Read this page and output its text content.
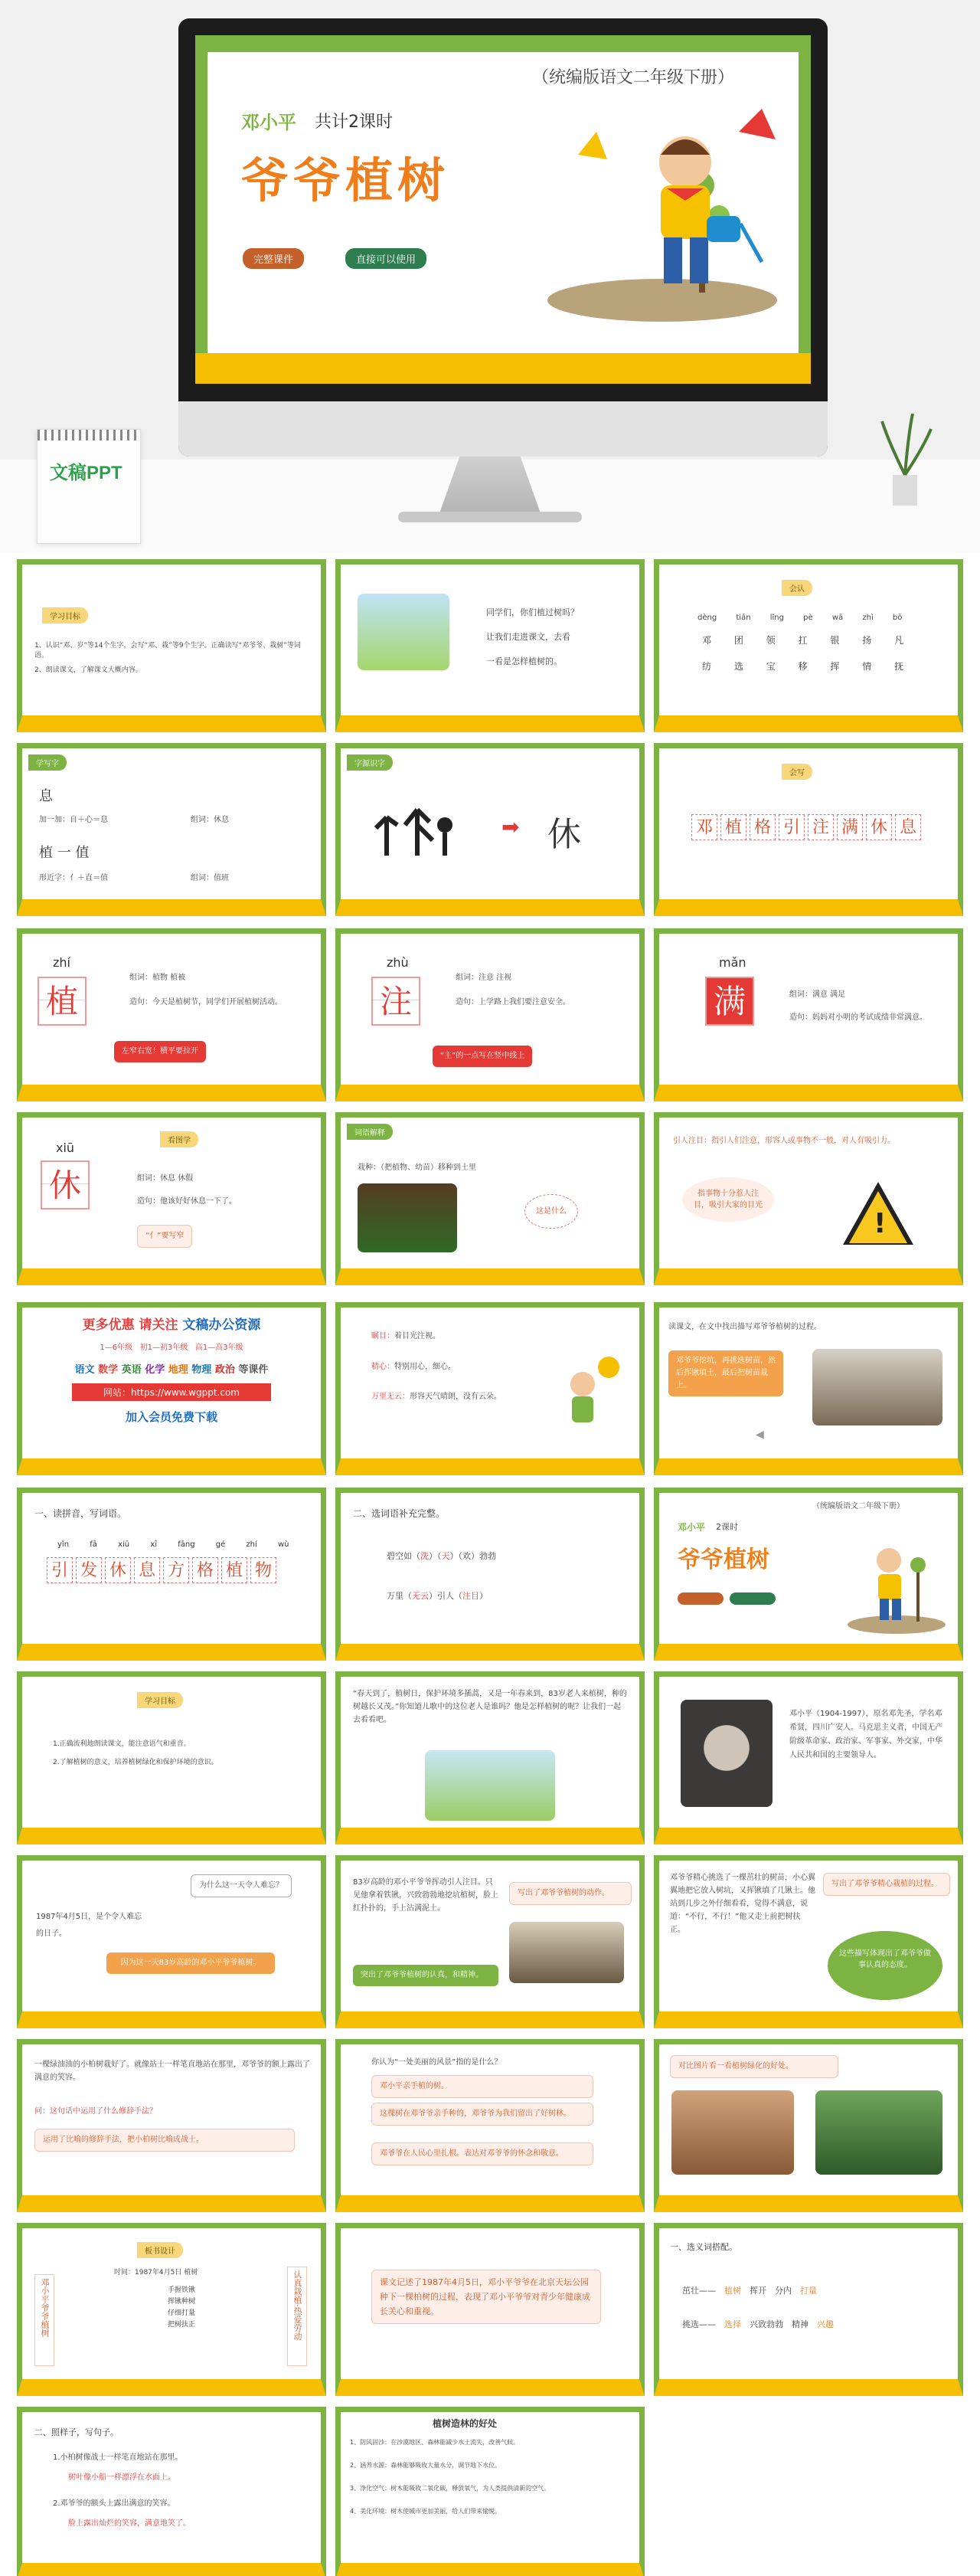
（统编版语文二年级下册）
邓小平 共计2课时
爷爷植树
完整课件	直接可以使用
文稿PPT
学习目标
1、认识“邓、岁”等14个生字，会写“邓、栽”等9个生字。正确读写“邓爷爷、栽树”等词语。
2、朗读课文，了解课文大概内容。
同学们，你们植过树吗？
让我们走进课文，去看
一看是怎样植树的。
会认
dèng	tián	lǐng	pè	wā	zhì	bō
邓 团 领 扛 银 扬 凡
纺 选 宝 移 挥 情 抚
学写字
息
加一加：自＋心＝息	组词：休息
植 一 值
形近字：亻＋直＝值	组词：值班
字源识字
➡ 休
会写
邓 植 格 引 注 满 休 息
zhí
植
组词：植物 植被
造句：今天是植树节，同学们开展植树活动。
左窄右宽！横平要拉开
zhù
注
组词：注意 注视
造句：上学路上我们要注意安全。
“主”的一点写在竖中线上
mǎn
满	组词：满意 满足
造句：妈妈对小明的考试成绩非常满意。
看图学
xiū
休	组词：休息 休假
造句：他该好好休息一下了。
“亻”要写窄
词语解释
栽种：（把植物、幼苗）移种到土里
这是什么
引人注目：指引人们注意，形容人或事物不一般，对人有吸引力。
指事物十分惹人注目，吸引大家的目光
!
更多优惠 请关注 文稿办公资源
1—6年级 初1—初3年级 高1—高3年级
语文 数学 英语 化学 地理 物理 政治 等课件
网站：https://www.wgppt.com
加入会员免费下载
瞩目：着目光注视。
精心：特别用心，细心。
万里无云：形容天气晴朗，没有云朵。
读课文，在文中找出描写邓爷爷植树的过程。
邓爷爷挖坑，再挑选树苗，然后挥锹填土，最后把树苗栽上。
◀
一、读拼音，写词语。
yǐn	fā	xiū	xī	fāng	gé	zhí	wù
引 发 休 息 方 格 植 物
二、选词语补充完整。
碧空如（洗）（天）（欢）勃勃
万里（无云）引人（注目）
（统编版语文二年级下册）
邓小平 2课时
爷爷植树
学习目标
1.正确流利地朗读课文，能注意语气和重音。
2.了解植树的意义，培养植树绿化和保护环境的意识。
“春天到了，植树日，保护环境多插蒿，又是一年春来到，83岁老人来植树，种的树越长又茂。”你知道儿歌中的这位老人是谁吗？他是怎样植树的呢？让我们一起去看看吧。
邓小平（1904-1997），原名邓先圣，学名邓希贤，四川广安人。马克思主义者，中国无产阶级革命家、政治家、军事家、外交家，中华人民共和国的主要领导人。
为什么这一天令人难忘？
1987年4月5日，是个令人难忘
的日子。
因为这一天83岁高龄的邓小平爷爷植树。
83岁高龄的邓小平爷爷挥动引人注目。只见他拿着铁锹，兴致勃勃地挖坑植树，脸上红扑扑的，手上沾满泥土。
写出了邓爷爷植树的动作。
突出了邓爷爷植树的认真，和精神。
邓爷爷精心挑选了一棵茁壮的树苗，小心翼翼地把它放入树坑，又挥锹填了几锹土。他站到几步之外仔细看看，觉得不满意，说道：“不行，不行！”他又走上前把树扶正。
写出了邓爷爷精心栽植的过程。
这些描写体现出了邓爷爷做事认真的态度。
一棵绿油油的小柏树栽好了。就像站士一样笔直地站在那里，邓爷爷的额上露出了满意的笑容。
问：这句话中运用了什么修辞手法？
运用了比喻的修辞手法，把小柏树比喻成战士。
你认为“一处美丽的风景”指的是什么？
邓小平亲手植的树。
这棵树在邓爷爷亲手种的，邓爷爷为我们留出了好树林。
邓爷爷在人民心里扎根。表达对邓爷爷的怀念和敬意。
对比图片看一看植树绿化的好处。
板书设计
时间：1987年4月5日 植树
邓小平爷爷植树	手握铁锹
挥锹种树
仔细打量
把树扶正	认真栽植·热爱劳动	课文记述了1987年4月5日，邓小平爷爷在北京天坛公园种下一棵柏树的过程，表现了邓小平爷爷对青少年健康成长关心和重视。
一、选义词搭配。
茁壮——　植树　挥开　分内　打量　
挑选——　选择　兴致勃勃　精神　兴趣　
二、照样子，写句子。
1.小柏树像战士一样笔直地站在那里。
树叶像小船一样漂浮在水面上。
2.邓爷爷的额头上露出满意的笑容。
脸上露出灿烂的笑容，满意地笑了。
植树造林的好处
1、防风固沙：在沙漠地区、森林能减少水土流失，改善气候。
2、涵养水源：森林能够吸收大量水分，调节地下水位。
3、净化空气：树木能吸收二氧化碳，释放氧气，为人类提供清新的空气。
4、美化环境：树木使城市更加美丽，给人们带来愉悦。
